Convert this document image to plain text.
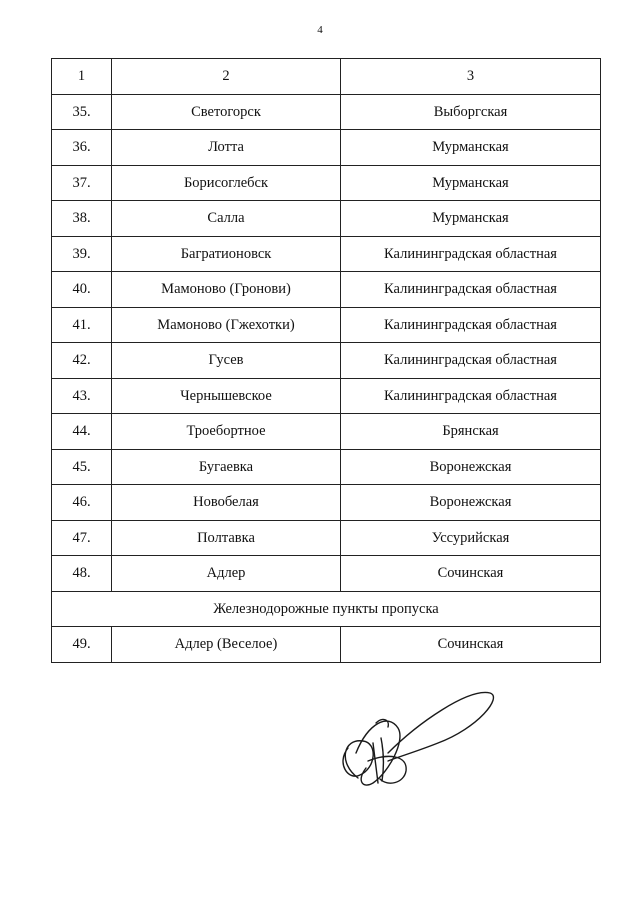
4
1	2	3
35.	Светогорск	Выборгская
36.	Лотта	Мурманская
37.	Борисоглебск	Мурманская
38.	Салла	Мурманская
39.	Багратионовск	Калининградская областная
40.	Мамоново (Гронови)	Калининградская областная
41.	Мамоново (Гжехотки)	Калининградская областная
42.	Гусев	Калининградская областная
43.	Чернышевское	Калининградская областная
44.	Троебортное	Брянская
45.	Бугаевка	Воронежская
46.	Новобелая	Воронежская
47.	Полтавка	Уссурийская
48.	Адлер	Сочинская
Железнодорожные пункты пропуска		
49.	Адлер (Веселое)	Сочинская
